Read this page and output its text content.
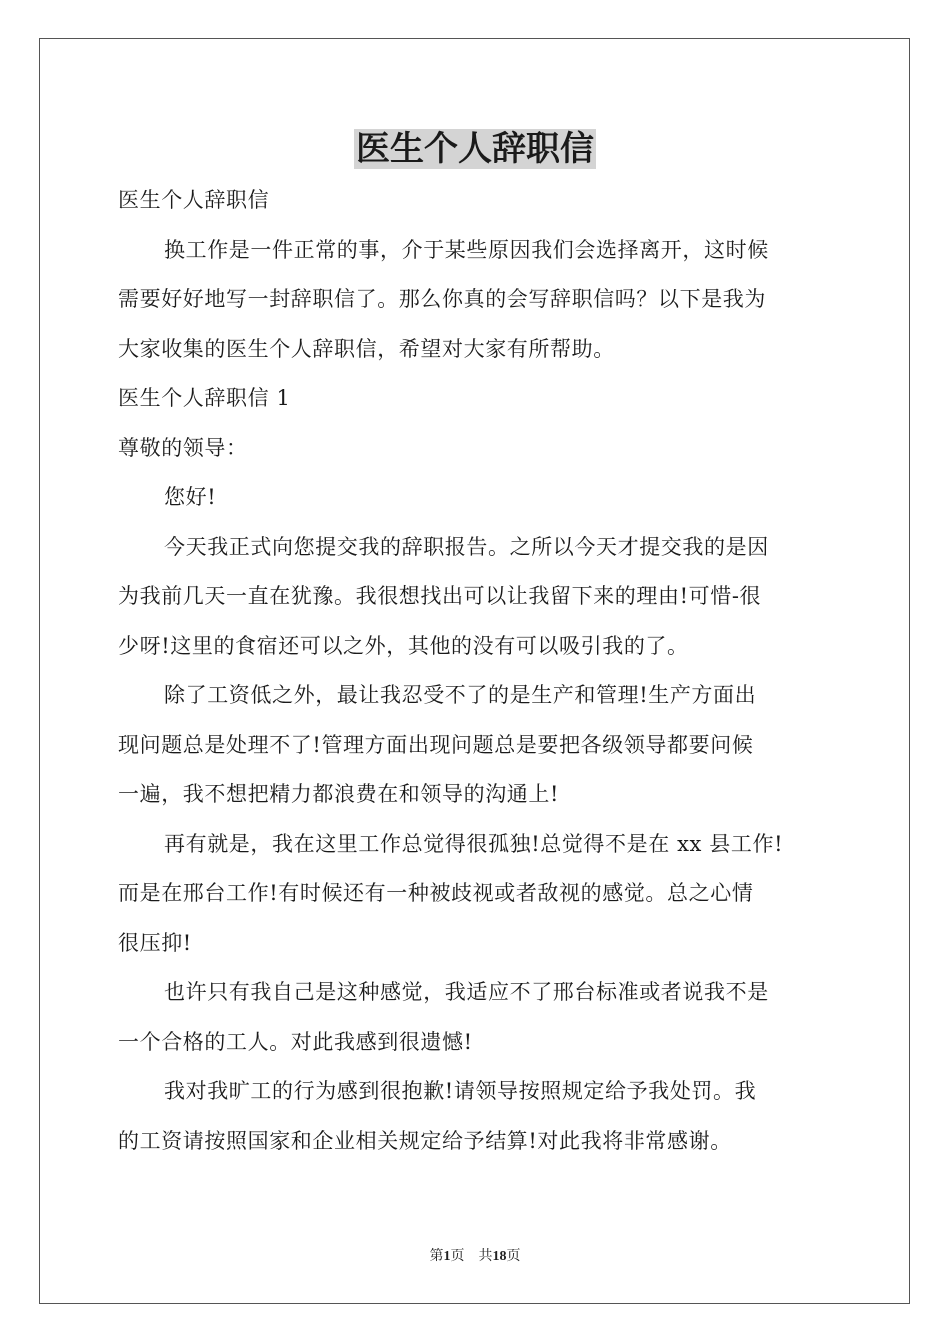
医生个人辞职信

医生个人辞职信

换工作是一件正常的事，介于某些原因我们会选择离开，这时候

需要好好地写一封辞职信了。那么你真的会写辞职信吗？以下是我为

大家收集的医生个人辞职信，希望对大家有所帮助。

医生个人辞职信 1

尊敬的领导：

您好!

今天我正式向您提交我的辞职报告。之所以今天才提交我的是因

为我前几天一直在犹豫。我很想找出可以让我留下来的理由!可惜-很

少呀!这里的食宿还可以之外，其他的没有可以吸引我的了。

除了工资低之外，最让我忍受不了的是生产和管理!生产方面出

现问题总是处理不了!管理方面出现问题总是要把各级领导都要问候

一遍，我不想把精力都浪费在和领导的沟通上!

再有就是，我在这里工作总觉得很孤独!总觉得不是在 xx 县工作!

而是在邢台工作!有时候还有一种被歧视或者敌视的感觉。总之心情

很压抑!

也许只有我自己是这种感觉，我适应不了邢台标准或者说我不是

一个合格的工人。对此我感到很遗憾!

我对我旷工的行为感到很抱歉!请领导按照规定给予我处罚。我

的工资请按照国家和企业相关规定给予结算!对此我将非常感谢。

第1页 共18页
